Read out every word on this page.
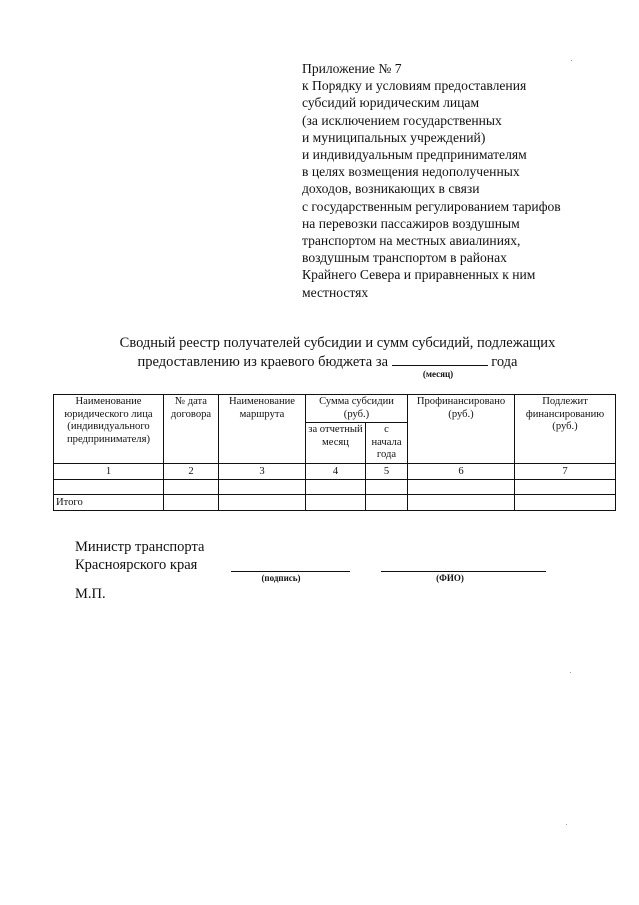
Приложение № 7
к Порядку и условиям предоставления
субсидий юридическим лицам
(за исключением государственных
и муниципальных учреждений)
и индивидуальным предпринимателям
в целях возмещения недополученных
доходов, возникающих в связи
с государственным регулированием тарифов
на перевозки пассажиров воздушным
транспортом на местных авиалиниях,
воздушным транспортом в районах
Крайнего Севера и приравненных к ним
местностях
Сводный реестр получателей субсидии и сумм субсидий, подлежащих
предоставлению из краевого бюджета за	года
(месяц)
Наименование юридического лица (индивидуального предпринимателя)	№ дата договора	Наименование маршрута	Сумма субсидии (руб.)		Профинансировано (руб.)	Подлежит финансированию (руб.)
			за отчетный месяц	с начала года		
1	2	3	4	5	6	7

Итого						
Министр транспорта
Красноярского края
(подпись)	(ФИО)
М.П.
